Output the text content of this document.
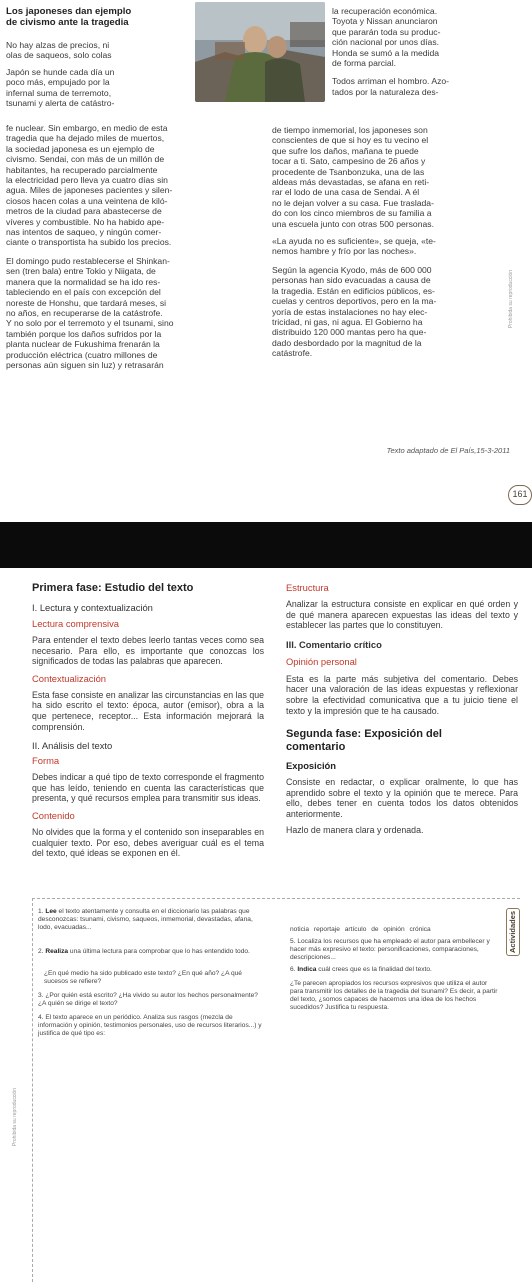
Los japoneses dan ejemplo
de civismo ante la tragedia
No hay alzas de precios, ni
olas de saqueos, solo colas
Japón se hunde cada día un
poco más, empujado por la
infernal suma de terremoto,
tsunami y alerta de catástro-
fe nuclear. Sin embargo, en medio de esta
tragedia que ha dejado miles de muertos,
la sociedad japonesa es un ejemplo de
civismo. Sendai, con más de un millón de
habitantes, ha recuperado parcialmente
la electricidad pero lleva ya cuatro días sin
agua. Miles de japoneses pacientes y silen-
ciosos hacen colas a una veintena de kiló-
metros de la ciudad para abastecerse de
víveres y combustible. No ha habido ape-
nas intentos de saqueo, y ningún comer-
ciante o transportista ha subido los precios.
El domingo pudo restablecerse el Shinkan-
sen (tren bala) entre Tokio y Niigata, de
manera que la normalidad se ha ido res-
tableciendo en el país con excepción del
noreste de Honshu, que tardará meses, si
no años, en recuperarse de la catástrofe.
Y no solo por el terremoto y el tsunami, sino
también porque los daños sufridos por la
planta nuclear de Fukushima frenarán la
producción eléctrica (cuatro millones de
personas aún siguen sin luz) y retrasarán
la recuperación económica.
Toyota y Nissan anunciaron
que pararán toda su produc-
ción nacional por unos días.
Honda se sumó a la medida
de forma parcial.
Todos arriman el hombro. Azo-
tados por la naturaleza des-
de tiempo inmemorial, los japoneses son
conscientes de que si hoy es tu vecino el
que sufre los daños, mañana te puede
tocar a ti. Sato, campesino de 26 años y
procedente de Tsanbonzuka, una de las
aldeas más devastadas, se afana en reti-
rar el lodo de una casa de Sendai. A él
no le dejan volver a su casa. Fue trasladа-
do con los cinco miembros de su familia a
una escuela junto con otras 500 personas.
«La ayuda no es suficiente», se queja, «te-
nemos hambre y frío por las noches».
Según la agencia Kyodo, más de 600 000
personas han sido evacuadas a causa de
la tragedia. Están en edificios públicos, es-
cuelas y centros deportivos, pero en la ma-
yoría de estas instalaciones no hay elec-
tricidad, ni gas, ni agua. El Gobierno ha
distribuido 120 000 mantas pero ha que-
dado desbordado por la magnitud de la
catástrofe.
Texto adaptado de El País,15-3-2011
Prohibida su reproducción
161
Primera fase: Estudio del texto
I. Lectura y contextualización
Lectura comprensiva
Para entender el texto debes leerlo tantas veces como sea necesario. Para ello, es importante que conozcas los significados de todas las palabras que aparecen.
Contextualización
Esta fase consiste en analizar las circunstancias en las que ha sido escrito el texto: época, autor (emisor), obra a la que pertenece, receptor... Esta información mejorará la comprensión.
II. Análisis del texto
Forma
Debes indicar a qué tipo de texto corresponde el fragmento que has leído, teniendo en cuenta las características que presenta, y qué recursos emplea para transmitir sus ideas.
Contenido
No olvides que la forma y el contenido son inseparables en cualquier texto. Por eso, debes averiguar cuál es el tema del texto, qué ideas se exponen en él.
Estructura
Analizar la estructura consiste en explicar en qué orden y de qué manera aparecen expuestas las ideas del texto y establecer las partes que lo constituyen.
III. Comentario crítico
Opinión personal
Esta es la parte más subjetiva del comentario. Debes hacer una valoración de las ideas expuestas y reflexionar sobre la efectividad comunicativa que a tu juicio tiene el texto y la impresión que te ha causado.
Segunda fase: Exposición del
comentario
Exposición
Consiste en redactar, o explicar oralmente, lo que has aprendido sobre el texto y la opinión que te merece. Para ello, debes tener en cuenta todos los datos obtenidos anteriormente.
Hazlo de manera clara y ordenada.
Actividades
Prohibida su reproducción
1. Lee el texto atentamente y consulta en el diccionario las palabras que desconozcas: tsunami, civismo, saqueos, inmemorial, devastadas, afana, lodo, evacuadas...
2. Realiza una última lectura para comprobar que lo has entendido todo.
¿En qué medio ha sido publicado este texto? ¿En qué año? ¿A qué sucesos se refiere?
3. ¿Por quién está escrito? ¿Ha vivido su autor los hechos personalmente? ¿A quién se dirige el texto?
4. El texto aparece en un periódico. Analiza sus rasgos (mezcla de información y opinión, testimonios personales, uso de recursos literarios...) y justifica de qué tipo es:
noticia reportaje artículo de opinión crónica
5. Localiza los recursos que ha empleado el autor para embellecer y hacer más expresivo el texto: personificaciones, comparaciones, descripciones...
6. Indica cuál crees que es la finalidad del texto.
¿Te parecen apropiados los recursos expresivos que utiliza el autor para transmitir los detalles de la tragedia del tsunami? Es decir, a partir del texto, ¿somos capaces de hacernos una idea de los hechos sucedidos? Justifica tu respuesta.
